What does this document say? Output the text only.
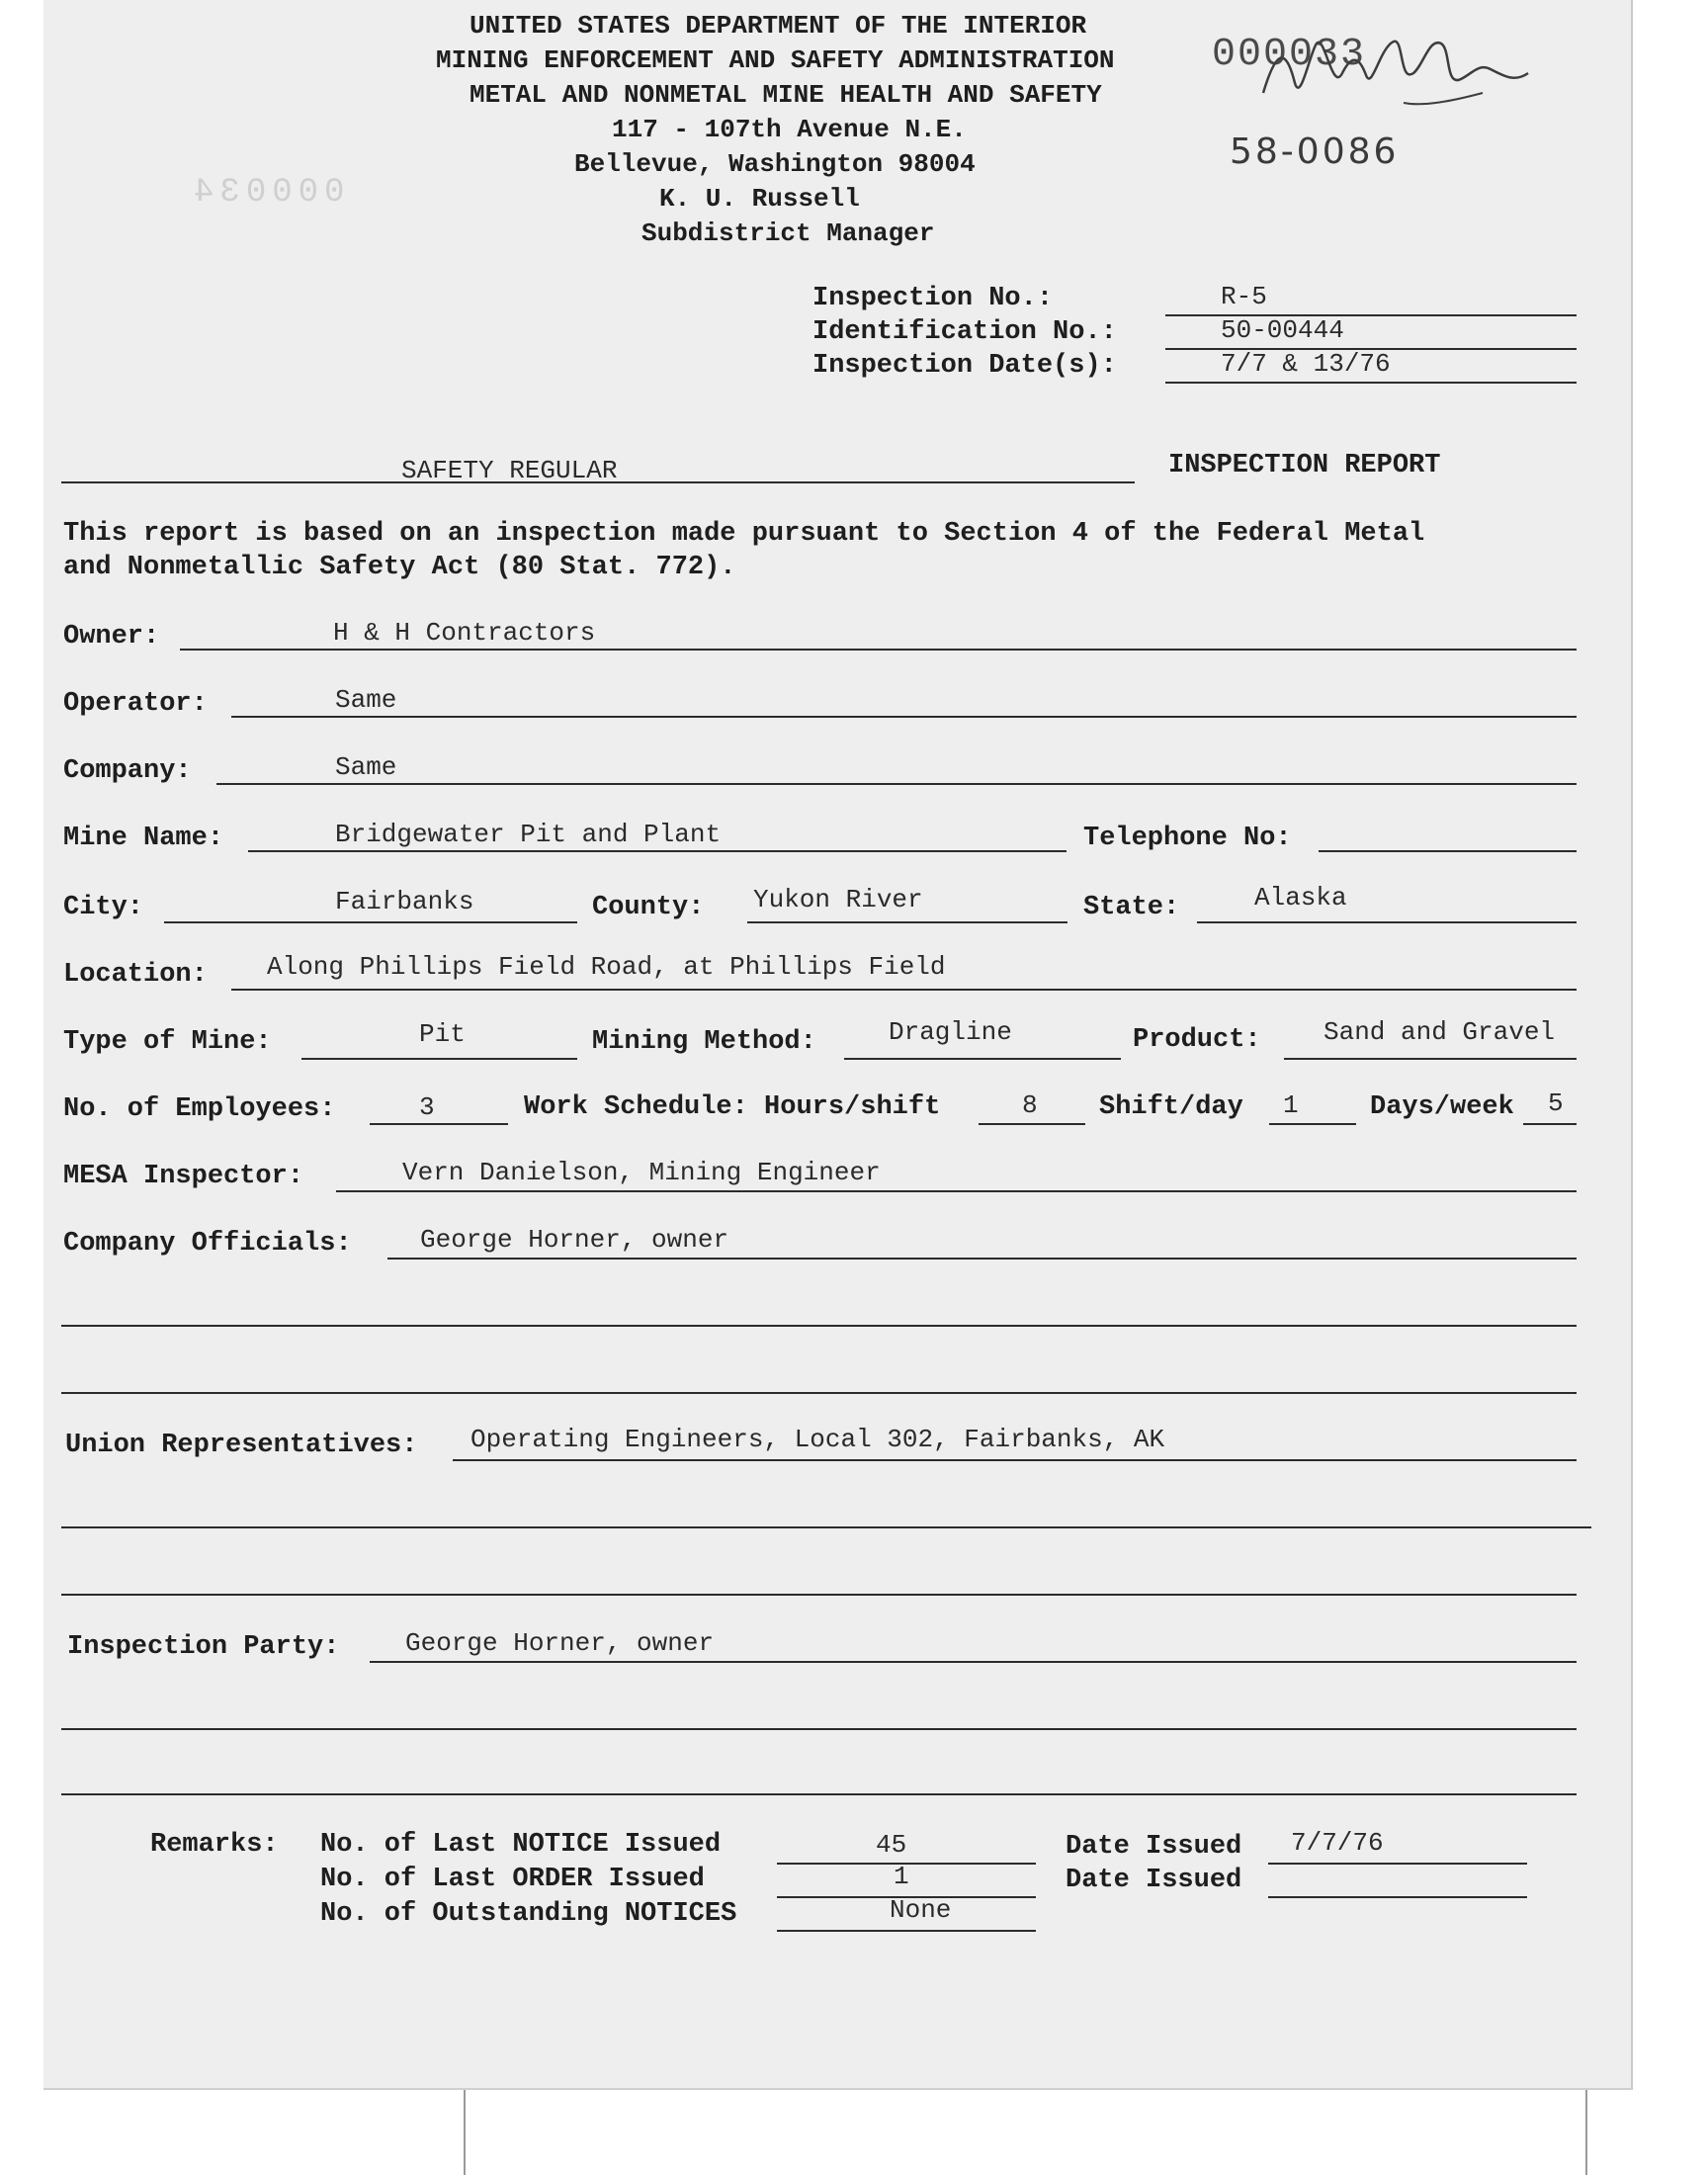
000034
UNITED STATES DEPARTMENT OF THE INTERIOR
MINING ENFORCEMENT AND SAFETY ADMINISTRATION
METAL AND NONMETAL MINE HEALTH AND SAFETY
117 - 107th Avenue N.E.
Bellevue, Washington 98004
K. U. Russell
Subdistrict Manager
000033
58-0086
Inspection No.:	R-5
Identification No.:	50-00444
Inspection Date(s):	7/7 & 13/76
SAFETY REGULAR	INSPECTION REPORT
This report is based on an inspection made pursuant to Section 4 of the Federal Metal
and Nonmetallic Safety Act (80 Stat. 772).
Owner:	H & H Contractors
Operator:	Same
Company:	Same
Mine Name:	Bridgewater Pit and Plant	Telephone No:
City:	Fairbanks	County: Yukon River	State:	Alaska
Location: Along Phillips Field Road, at Phillips Field
Type of Mine:	Pit	Mining Method:	Dragline	Product: Sand and Gravel
No. of Employees:	3	Work Schedule: Hours/shift	8 Shift/day 1	Days/week 5
MESA Inspector:	Vern Danielson, Mining Engineer
Company Officials:	George Horner, owner
Union Representatives: Operating Engineers, Local 302, Fairbanks, AK
Inspection Party:	George Horner, owner
Remarks: No. of Last NOTICE Issued	45	Date Issued 7/7/76
No. of Last ORDER Issued	1	Date Issued
No. of Outstanding NOTICES	None
